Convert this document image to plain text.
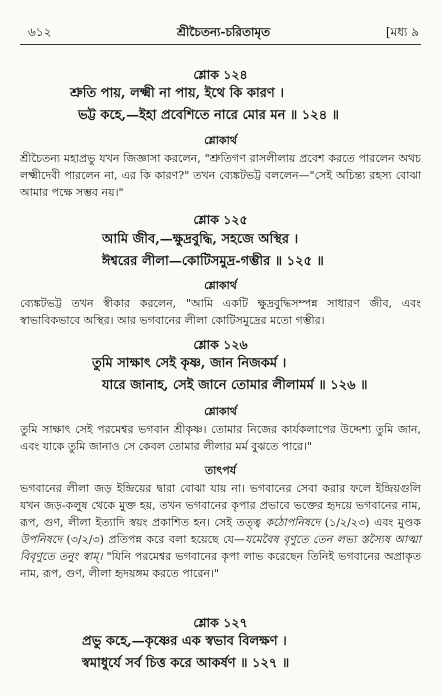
৬১২	শ্রীচৈতন্য-চরিতামৃত	[মধ্য ৯
শ্লোক ১২৪
শ্রুতি পায়, লক্ষ্মী না পায়, ইথে কি কারণ ।
ভট্ট কহে,—ইহা প্রবেশিতে নারে মোর মন ॥ ১২৪ ॥
শ্লোকার্থ
শ্রীচৈতন্য মহাপ্রভু যখন জিজ্ঞাসা করলেন, "শ্রুতিগণ রাসলীলায় প্রবেশ করতে পারলেন অথচ লক্ষ্মীদেবী পারলেন না, এর কি কারণ?" তখন ব্যেঙ্কটভট্ট বললেন—"সেই অচিন্ত্য রহস্য বোঝা আমার পক্ষে সম্ভব নয়।"
শ্লোক ১২৫
আমি জীব,—ক্ষুদ্রবুদ্ধি, সহজে অস্থির ।
ঈশ্বরের লীলা—কোটিসমুদ্র-গম্ভীর ॥ ১২৫ ॥
শ্লোকার্থ
ব্যেঙ্কটভট্ট তখন স্বীকার করলেন, "আমি একটি ক্ষুদ্রবুদ্ধিসম্পন্ন সাধারণ জীব, এবং স্বাভাবিকভাবে অস্থির। আর ভগবানের লীলা কোটিসমুদ্রের মতো গম্ভীর।
শ্লোক ১২৬
তুমি সাক্ষাৎ সেই কৃষ্ণ, জান নিজকর্ম ।
যারে জানাহ, সেই জানে তোমার লীলামর্ম ॥ ১২৬ ॥
শ্লোকার্থ
তুমি সাক্ষাৎ সেই পরমেশ্বর ভগবান শ্রীকৃষ্ণ। তোমার নিজের কার্যকলাপের উদ্দেশ্য তুমি জান, এবং যাকে তুমি জানাও সে কেবল তোমার লীলার মর্ম বুঝতে পারে।"
তাৎপর্য
ভগবানের লীলা জড় ইন্দ্রিয়ের দ্বারা বোঝা যায় না। ভগবানের সেবা করার ফলে ইন্দ্রিয়গুলি যখন জড়-কলুষ থেকে মুক্ত হয়, তখন ভগবানের কৃপার প্রভাবে ভক্তের হৃদয়ে ভগবানের নাম, রূপ, গুণ, লীলা ইত্যাদি স্বয়ং প্রকাশিত হন। সেই তত্ত্ব কঠোপনিষদে (১/২/২৩) এবং মুণ্ডক উপনিষদে (৩/২/৩) প্রতিপন্ন করে বলা হয়েছে যে—যমেবৈষ বৃণুতে তেন লভ্য স্তস্যৈষ আত্মা বিবৃণুতে তনুং স্বাম্। "যিনি পরমেশ্বর ভগবানের কৃপা লাভ করেছেন তিনিই ভগবানের অপ্রাকৃত নাম, রূপ, গুণ, লীলা হৃদয়ঙ্গম করতে পারেন।"
শ্লোক ১২৭
প্রভু কহে,—কৃষ্ণের এক স্বভাব বিলক্ষণ ।
স্বমাধুর্যে সর্ব চিত্ত করে আকর্ষণ ॥ ১২৭ ॥
